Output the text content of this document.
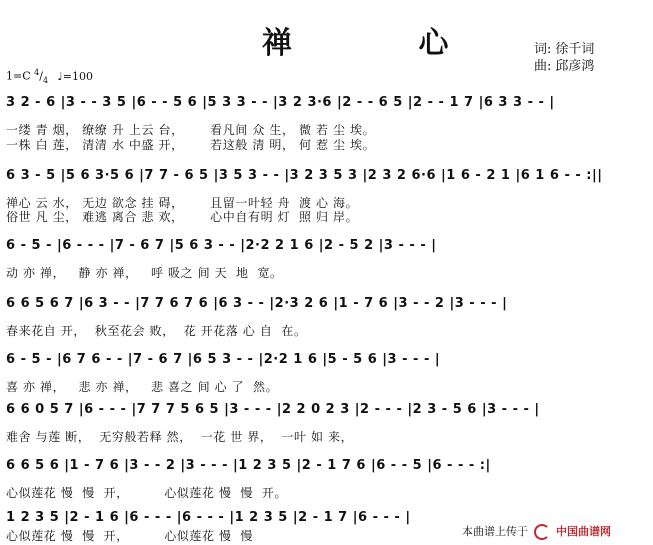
禅 心	词: 徐千词
曲: 邱彦鸿
1=C $^4/_4$ ♩=100
3 2 - 6 |3 - - 3 5 |6 - - 5 6 |5 3 3 - - |3 2 3·6 |2 - - 6 5 |2 - - 1 7 |6 3 3 - - |
一缕 青 烟， 缭缭 升 上云 台，      看凡间 众 生， 微 若 尘 埃。
一株 白 莲， 清清 水 中盛 开，      若这般 清 明， 何 惹 尘 埃。
6 3 - 5 |5 6 3·5 6 |7 7 - 6 5 |3 5 3 - - |3 2 3 5 3 |2 3 2 6·6 |1 6 - 2 1 |6 1 6 - - :||
禅心 云 水， 无边 欲念 挂 碍，      且留一叶轻 舟  渡 心 海。
俗世 凡 尘， 难逃 离合 悲 欢，      心中自有明 灯  照 归 岸。
6 - 5 - |6 - - - |7 - 6 7 |5 6 3 - - |2·2 2 1 6 |2 - 5 2 |3 - - - |
动 亦 禅，   静 亦 禅，   呼 吸之 间 天  地  宽。
6 6 5 6 7 |6 3 - - |7 7 6 7 6 |6 3 - - |2·3 2 6 |1 - 7 6 |3 - - 2 |3 - - - |
春来花自 开，  秋至花会 败，  花 开花落 心 自  在。
6 - 5 - |6 7 6 - - |7 - 6 7 |6 5 3 - - |2·2 1 6 |5 - 5 6 |3 - - - |
喜 亦 禅，   悲 亦 禅，   悲 喜之 间 心 了  然。
6 6 0 5 7 |6 - - - |7 7 7 5 6 5 |3 - - - |2 2 0 2 3 |2 - - - |2 3 - 5 6 |3 - - - |
难舍 与莲 断，  无穷般若释 然，  一花 世 界，  一叶 如 来，
6 6 5 6 |1 - 7 6 |3 - - 2 |3 - - - |1 2 3 5 |2 - 1 7 6 |6 - - 5 |6 - - - :|
心似莲花 慢  慢  开，        心似莲花 慢  慢  开。
1 2 3 5 |2 - 1 6 |6 - - - |6 - - - |1 2 3 5 |2 - 1 7 |6 - - - |
心似莲花 慢  慢  开，        心似莲花 慢  慢	本曲谱上传于	中国曲谱网
